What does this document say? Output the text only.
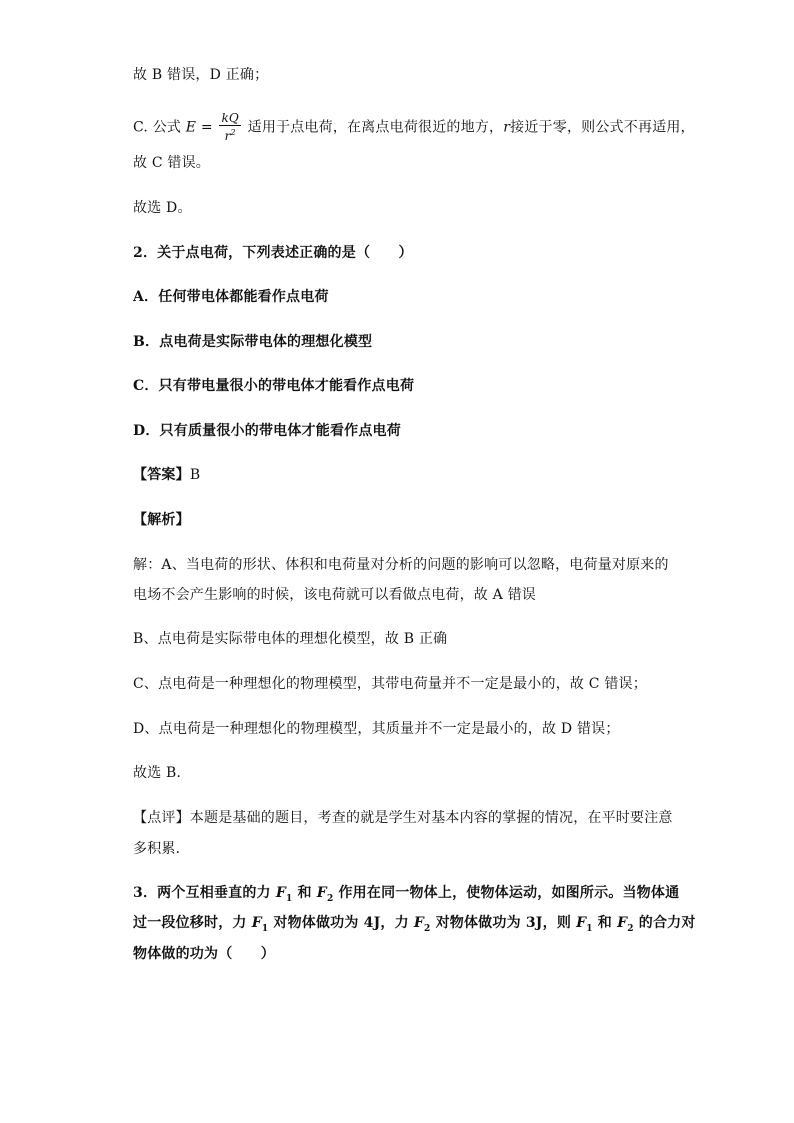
故 B 错误，D 正确；
C. 公式 $E = \frac{kQ}{r^2}$ 适用于点电荷，在离点电荷很近的地方，r接近于零，则公式不再适用，
故 C 错误。
故选 D。
2．关于点电荷，下列表述正确的是（　　）
A．任何带电体都能看作点电荷
B．点电荷是实际带电体的理想化模型
C．只有带电量很小的带电体才能看作点电荷
D．只有质量很小的带电体才能看作点电荷
【答案】B
【解析】
解：A、当电荷的形状、体积和电荷量对分析的问题的影响可以忽略，电荷量对原来的
电场不会产生影响的时候，该电荷就可以看做点电荷，故 A 错误
B、点电荷是实际带电体的理想化模型，故 B 正确
C、点电荷是一种理想化的物理模型，其带电荷量并不一定是最小的，故 C 错误；
D、点电荷是一种理想化的物理模型，其质量并不一定是最小的，故 D 错误；
故选 B．
【点评】本题是基础的题目，考查的就是学生对基本内容的掌握的情况，在平时要注意
多积累．
3．两个互相垂直的力 $F_1$ 和 $F_2$ 作用在同一物体上，使物体运动，如图所示。当物体通
过一段位移时，力 $F_1$ 对物体做功为 4J，力 $F_2$ 对物体做功为 3J，则 $F_1$ 和 $F_2$ 的合力对
物体做的功为（　　）
